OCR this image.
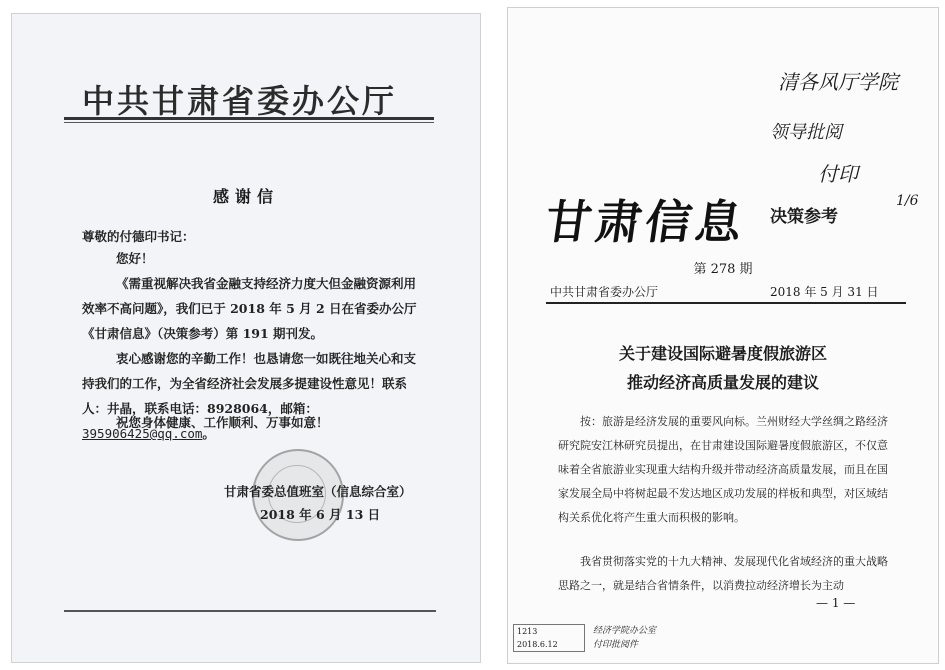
中共甘肃省委办公厅
感谢信
尊敬的付德印书记：
您好！
《需重视解决我省金融支持经济力度大但金融资源利用效率不高问题》，我们已于 2018 年 5 月 2 日在省委办公厅《甘肃信息》（决策参考）第 191 期刊发。
衷心感谢您的辛勤工作！也恳请您一如既往地关心和支持我们的工作，为全省经济社会发展多提建设性意见！联系人：井晶，联系电话：8928064，邮箱：395906425@qq.com。
祝您身体健康、工作顺利、万事如意！
甘肃省委总值班室（信息综合室）
2018 年 6 月 13 日
清各风厅学院
领导批阅
付印
1/6
甘肃信息 决策参考
第 278 期
中共甘肃省委办公厅	2018 年 5 月 31 日
关于建设国际避暑度假旅游区
推动经济高质量发展的建议
按：旅游是经济发展的重要风向标。兰州财经大学丝绸之路经济研究院安江林研究员提出，在甘肃建设国际避暑度假旅游区，不仅意味着全省旅游业实现重大结构升级并带动经济高质量发展，而且在国家发展全局中将树起最不发达地区成功发展的样板和典型，对区域结构关系优化将产生重大而积极的影响。
我省贯彻落实党的十九大精神、发展现代化省域经济的重大战略思路之一，就是结合省情条件，以消费拉动经济增长为主动
— 1 —
1213
2018.6.12
经济学院办公室
付印批阅件
